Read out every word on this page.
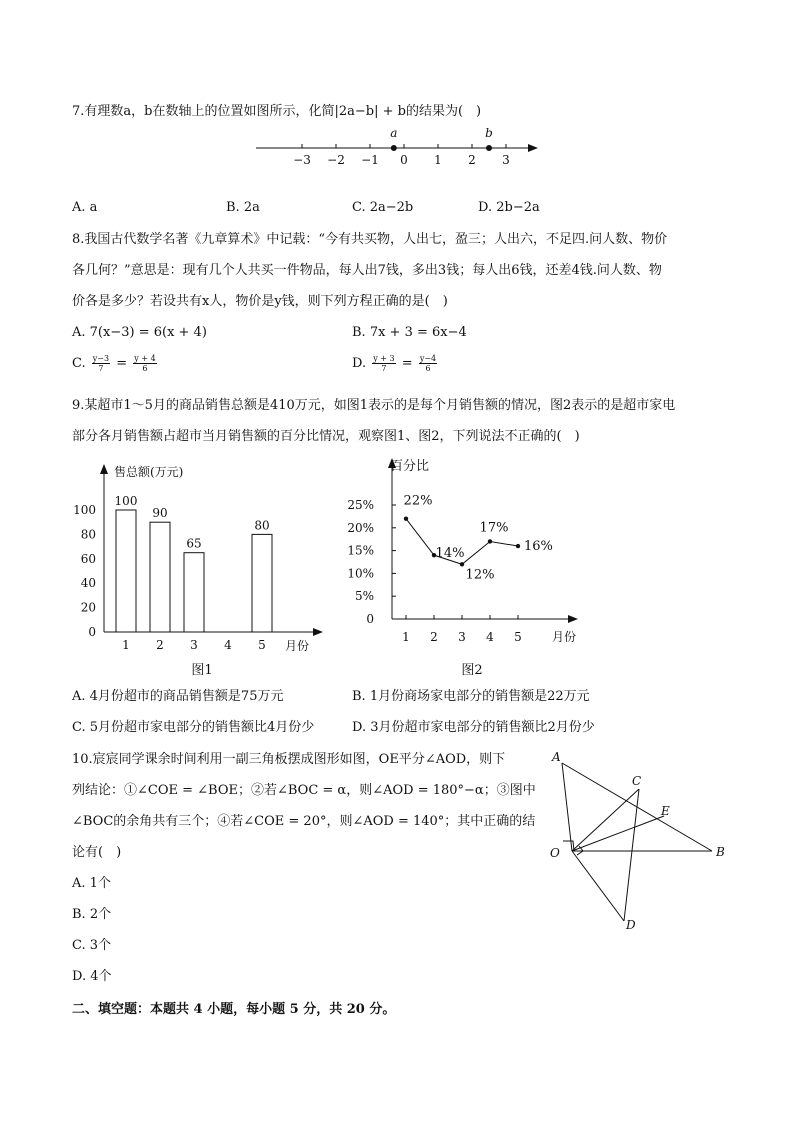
7.有理数a，b在数轴上的位置如图所示，化简|2a−b| + b的结果为(　)
−3 −2 −1 0 1 2 3
a	b
A. a	B. 2a	C. 2a−2b	D. 2b−2a
8.我国古代数学名著《九章算术》中记载：“今有共买物，人出七，盈三；人出六，不足四.问人数、物价
各几何？”意思是：现有几个人共买一件物品，每人出7钱，多出3钱；每人出6钱，还差4钱.问人数、物
价各是多少？若设共有x人，物价是y钱，则下列方程正确的是(　)
A. 7(x−3) = 6(x + 4)	B. 7x + 3 = 6x−4
C. $\frac{y-3}{7} = \frac{y + 4}{6}$	D. $\frac{y + 3}{7} = \frac{y-4}{6}$
9.某超市1～5月的商品销售总额是410万元，如图1表示的是每个月销售额的情况，图2表示的是超市家电
部分各月销售额占超市当月销售额的百分比情况，观察图1、图2，下列说法不正确的(　)
售总额(万元)
月份
图1
0
20
40
60
80
100
1
100
2
90
3
65
4 5
80
百分比
月份
图2
0
5%
10%
15%
20%
25%
1 2 3 4 5
22%
14%
12%
17%
16%
A. 4月份超市的商品销售额是75万元	B. 1月份商场家电部分的销售额是22万元
C. 5月份超市家电部分的销售额比4月份少	D. 3月份超市家电部分的销售额比2月份少
10.宸宸同学课余时间利用一副三角板摆成图形如图，OE平分∠AOD，则下
列结论：①∠COE = ∠BOE；②若∠BOC = α，则∠AOD = 180°−α；③图中
∠BOC的余角共有三个；④若∠COE = 20°，则∠AOD = 140°；其中正确的结
论有(　)
A. 1个
B. 2个
C. 3个
D. 4个
A
B
C
D
E
O
二、填空题：本题共 4 小题，每小题 5 分，共 20 分。
